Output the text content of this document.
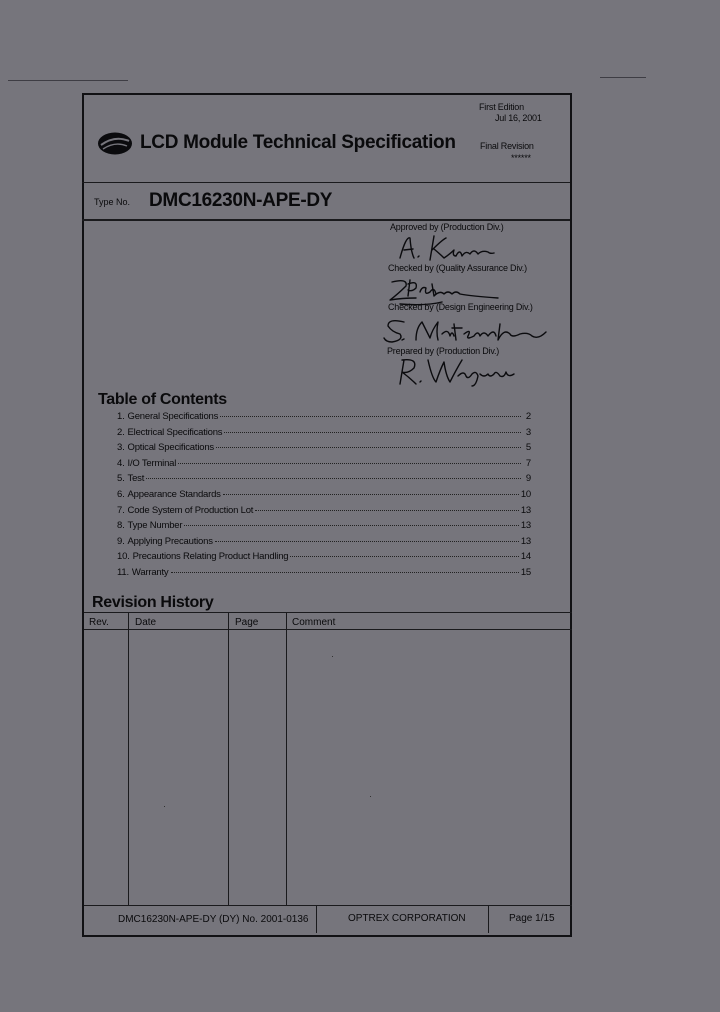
First Edition
Jul 16, 2001
Final Revision
******
LCD Module Technical Specification
Type No. DMC16230N-APE-DY
Approved by (Production Div.)
Checked by (Quality Assurance Div.)
Checked by (Design Engineering Div.)
Prepared by (Production Div.)
Table of Contents
1. General Specifications	2
2. Electrical Specifications	3
3. Optical Specifications	5
4. I/O Terminal	7
5. Test	9
6. Appearance Standards	10
7. Code System of Production Lot	13
8. Type Number	13
9. Applying Precautions	13
10. Precautions Relating Product Handling	14
11. Warranty	15
Revision History
Rev.	Date	Page	Comment
DMC16230N-APE-DY (DY) No. 2001-0136	OPTREX CORPORATION	Page 1/15
